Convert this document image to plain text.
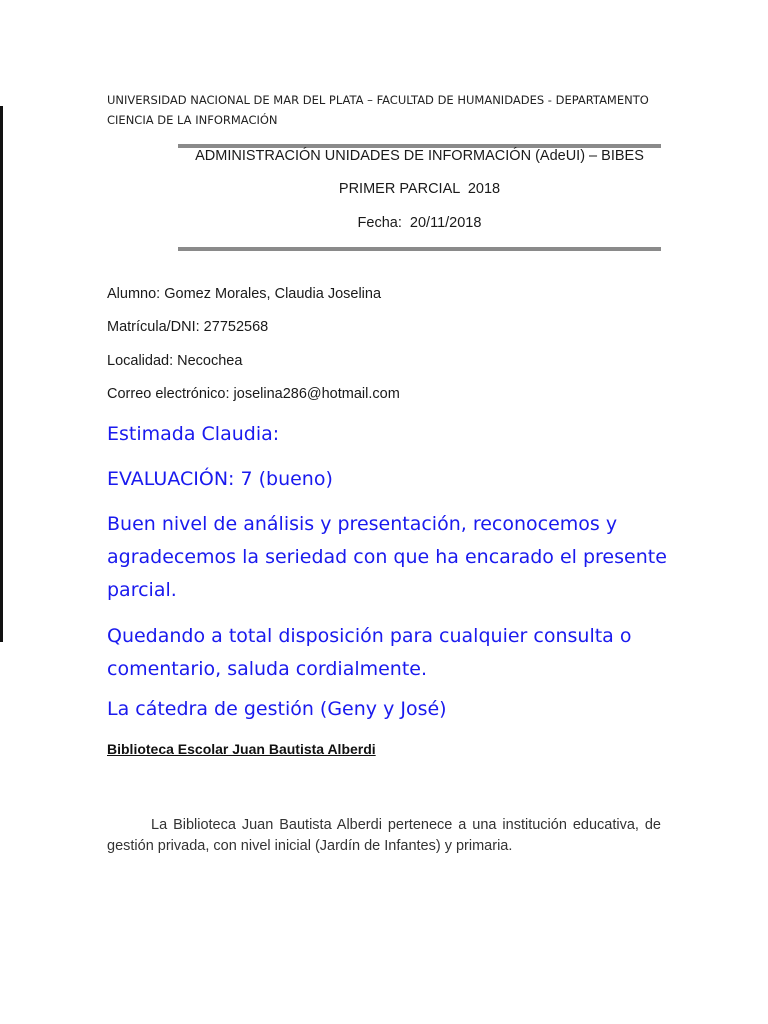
UNIVERSIDAD NACIONAL DE MAR DEL PLATA – FACULTAD DE HUMANIDADES - DEPARTAMENTO CIENCIA DE LA INFORMACIÓN
ADMINISTRACIÓN UNIDADES DE INFORMACIÓN (AdeUI) – BIBES
PRIMER PARCIAL  2018
Fecha:  20/11/2018
Alumno: Gomez Morales, Claudia Joselina
Matrícula/DNI: 27752568
Localidad: Necochea
Correo electrónico: joselina286@hotmail.com
Estimada Claudia:
EVALUACIÓN: 7 (bueno)
Buen nivel de análisis y presentación, reconocemos y agradecemos la seriedad con que ha encarado el presente parcial.
Quedando a total disposición para cualquier consulta o comentario, saluda cordialmente.
La cátedra de gestión (Geny y José)
Biblioteca Escolar Juan Bautista Alberdi
La Biblioteca Juan Bautista Alberdi pertenece a una institución educativa, de gestión privada, con nivel inicial (Jardín de Infantes) y primaria.
